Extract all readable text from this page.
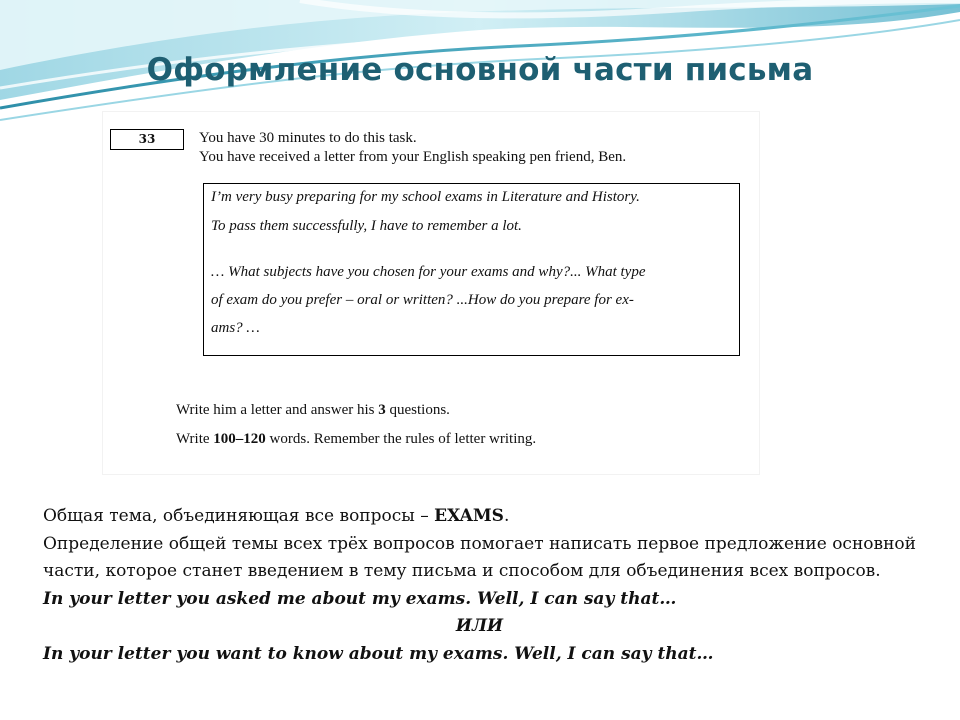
Оформление основной части письма
33	You have 30 minutes to do this task.
You have received a letter from your English speaking pen friend, Ben.
I’m very busy preparing for my school exams in Literature and History.
To pass them successfully, I have to remember a lot.
… What subjects have you chosen for your exams and why?... What type
of exam do you prefer – oral or written? ...How do you prepare for ex-
ams? …
Write him a letter and answer his 3 questions.
Write 100–120 words. Remember the rules of letter writing.

Общая тема, объединяющая все вопросы – EXAMS.

Определение общей темы всех трёх вопросов помогает написать первое предложение основной части, которое станет введением в тему письма и способом для объединения всех вопросов.

In your letter you asked me about my exams. Well, I can say that…

ИЛИ

In your letter you want to know about my exams. Well, I can say that…
